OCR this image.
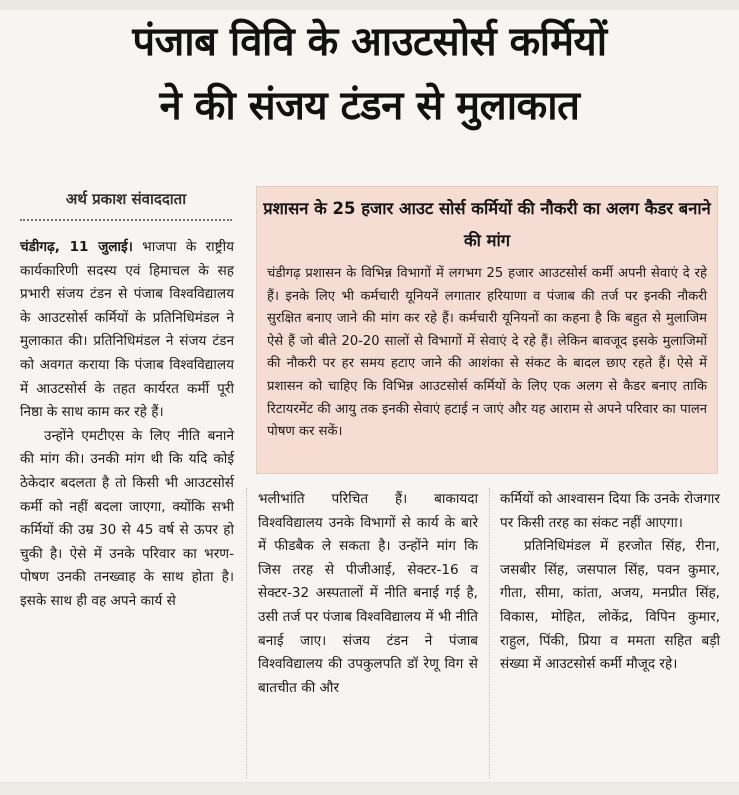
पंजाब विवि के आउटसोर्स कर्मियों
ने की संजय टंडन से मुलाकात
अर्थ प्रकाश संवाददाता

चंडीगढ़, 11 जुलाई। भाजपा के राष्ट्रीय कार्यकारिणी सदस्य एवं हिमाचल के सह प्रभारी संजय टंडन से पंजाब विश्वविद्यालय के आउटसोर्स कर्मियों के प्रतिनिधिमंडल ने मुलाकात की। प्रतिनिधिमंडल ने संजय टंडन को अवगत कराया कि पंजाब विश्वविद्यालय में आउटसोर्स के तहत कार्यरत कर्मी पूरी निष्ठा के साथ काम कर रहे हैं।

उन्होंने एमटीएस के लिए नीति बनाने की मांग की। उनकी मांग थी कि यदि कोई ठेकेदार बदलता है तो किसी भी आउटसोर्स कर्मी को नहीं बदला जाएगा, क्योंकि सभी कर्मियों की उम्र 30 से 45 वर्ष से ऊपर हो चुकी है। ऐसे में उनके परिवार का भरण-पोषण उनकी तनख्वाह के साथ होता है। इसके साथ ही वह अपने कार्य से

प्रशासन के 25 हजार आउट सोर्स कर्मियों की नौकरी का अलग कैडर बनाने की मांग
चंडीगढ़ प्रशासन के विभिन्न विभागों में लगभग 25 हजार आउटसोर्स कर्मी अपनी सेवाएं दे रहे हैं। इनके लिए भी कर्मचारी यूनियनें लगातार हरियाणा व पंजाब की तर्ज पर इनकी नौकरी सुरक्षित बनाए जाने की मांग कर रहे हैं। कर्मचारी यूनियनों का कहना है कि बहुत से मुलाजिम ऐसे हैं जो बीते 20-20 सालों से विभागों में सेवाएं दे रहे हैं। लेकिन बावजूद इसके मुलाजिमों की नौकरी पर हर समय हटाए जाने की आशंका से संकट के बादल छाए रहते हैं। ऐसे में प्रशासन को चाहिए कि विभिन्न आउटसोर्स कर्मियों के लिए एक अलग से कैडर बनाए ताकि रिटायरमेंट की आयु तक इनकी सेवाएं हटाई न जाएं और यह आराम से अपने परिवार का पालन पोषण कर सकें।

भलीभांति परिचित हैं। बाकायदा विश्वविद्यालय उनके विभागों से कार्य के बारे में फीडबैक ले सकता है। उन्होंने मांग कि जिस तरह से पीजीआई, सेक्टर-16 व सेक्टर-32 अस्पतालों में नीति बनाई गई है, उसी तर्ज पर पंजाब विश्वविद्यालय में भी नीति बनाई जाए। संजय टंडन ने पंजाब विश्वविद्यालय की उपकुलपति डॉ रेणू विग से बातचीत की और

कर्मियों को आश्वासन दिया कि उनके रोजगार पर किसी तरह का संकट नहीं आएगा।

प्रतिनिधिमंडल में हरजोत सिंह, रीना, जसबीर सिंह, जसपाल सिंह, पवन कुमार, गीता, सीमा, कांता, अजय, मनप्रीत सिंह, विकास, मोहित, लोकेंद्र, विपिन कुमार, राहुल, पिंकी, प्रिया व ममता सहित बड़ी संख्या में आउटसोर्स कर्मी मौजूद रहे।
